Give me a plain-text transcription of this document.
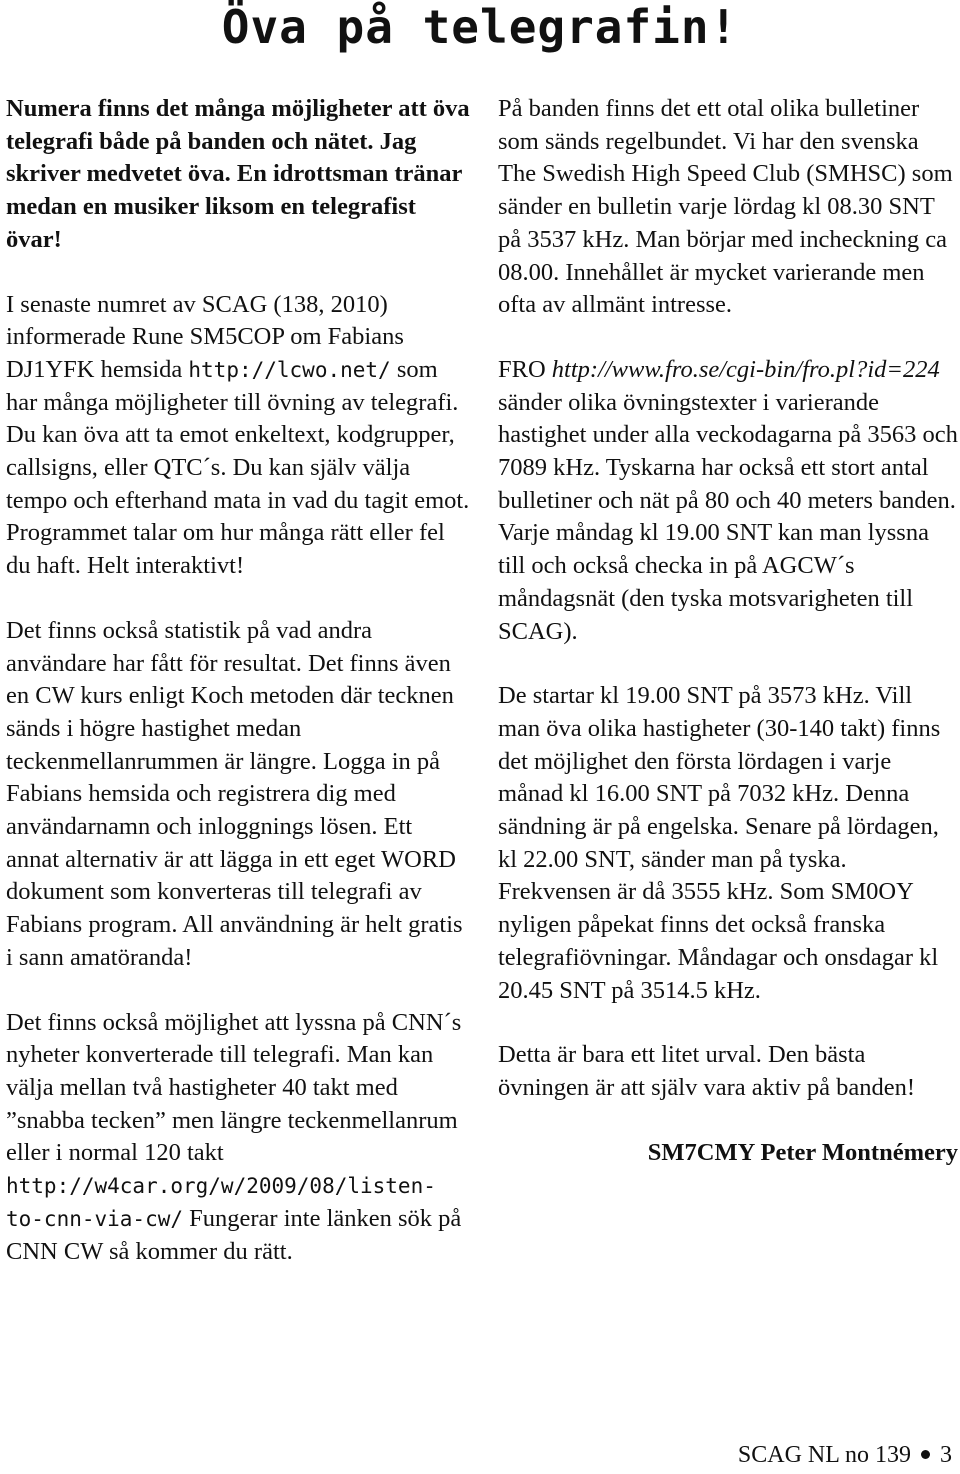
Öva på telegrafin!

Numera finns det många möjligheter att öva telegrafi både på banden och nätet. Jag skriver medvetet öva. En idrottsman tränar medan en musiker liksom en telegrafist övar!

I senaste numret av SCAG (138, 2010) informerade Rune SM5COP om Fabians DJ1YFK hemsida http://lcwo.net/ som har många möjligheter till övning av telegrafi. Du kan öva att ta emot enkeltext, kodgrupper, callsigns, eller QTC´s. Du kan själv välja tempo och efterhand mata in vad du tagit emot. Programmet talar om hur många rätt eller fel du haft. Helt interaktivt!

Det finns också statistik på vad andra användare har fått för resultat. Det finns även en CW kurs enligt Koch metoden där tecknen sänds i högre hastighet medan teckenmellanrummen är längre. Logga in på Fabians hemsida och registrera dig med användarnamn och inloggnings lösen. Ett annat alternativ är att lägga in ett eget WORD dokument som konverteras till telegrafi av Fabians program. All användning är helt gratis i sann amatöranda!

Det finns också möjlighet att lyssna på CNN´s nyheter konverterade till telegrafi. Man kan välja mellan två hastigheter 40 takt med ”snabba tecken” men längre teckenmellanrum eller i normal 120 takt http://w4car.org/w/2009/08/listen-to-cnn-via-cw/ Fungerar inte länken sök på CNN CW så kommer du rätt.

På banden finns det ett otal olika bulletiner som sänds regelbundet. Vi har den svenska The Swedish High Speed Club (SMHSC) som sänder en bulletin varje lördag kl 08.30 SNT på 3537 kHz. Man börjar med incheckning ca 08.00. Innehållet är mycket varierande men ofta av allmänt intresse.

FRO http://www.fro.se/cgi-bin/fro.pl?id=224 sänder olika övningstexter i varierande hastighet under alla veckodagarna på 3563 och 7089 kHz. Tyskarna har också ett stort antal bulletiner och nät på 80 och 40 meters banden. Varje måndag kl 19.00 SNT kan man lyssna till och också checka in på AGCW´s måndagsnät (den tyska motsvarigheten till SCAG).

De startar kl 19.00 SNT på 3573 kHz. Vill man öva olika hastigheter (30-140 takt) finns det möjlighet den första lördagen i varje månad kl 16.00 SNT på 7032 kHz. Denna sändning är på engelska. Senare på lördagen, kl 22.00 SNT, sänder man på tyska. Frekvensen är då 3555 kHz. Som SM0OY nyligen påpekat finns det också franska telegrafiövningar. Måndagar och onsdagar kl 20.45 SNT på 3514.5 kHz.

Detta är bara ett litet urval. Den bästa övningen är att själv vara aktiv på banden!

SM7CMY Peter Montnémery
SCAG NL no 139 3
